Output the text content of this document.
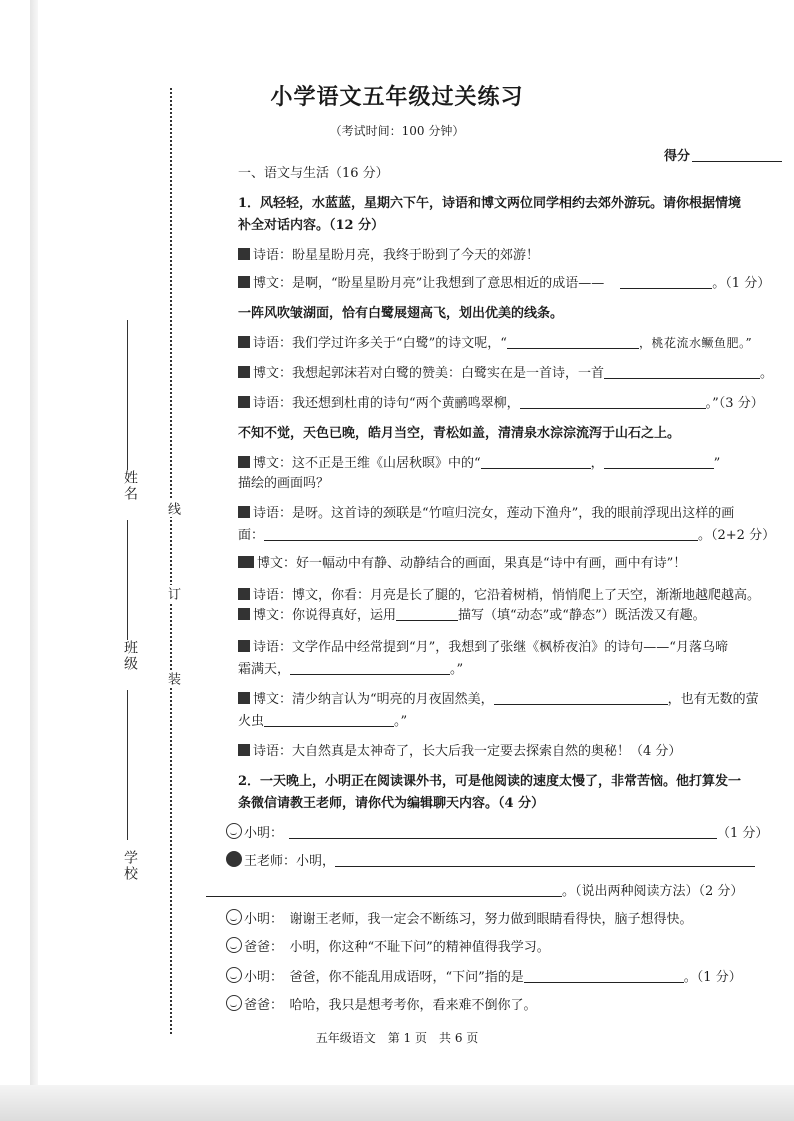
姓名
班级
学校
线
订
装
小学语文五年级过关练习
（考试时间：100 分钟）
得分
一、语文与生活（16 分）
1．风轻轻，水蓝蓝，星期六下午，诗语和博文两位同学相约去郊外游玩。请你根据情境
补全对话内容。（12 分）
诗语：盼星星盼月亮，我终于盼到了今天的郊游！
博文：是啊，“盼星星盼月亮”让我想到了意思相近的成语——	。（1 分）
一阵风吹皱湖面，恰有白鹭展翅高飞，划出优美的线条。
诗语：我们学过许多关于“白鹭”的诗文呢，“	，桃花流水鳜鱼肥。”
博文：我想起郭沫若对白鹭的赞美：白鹭实在是一首诗，一首	。
诗语：我还想到杜甫的诗句“两个黄鹂鸣翠柳，	。”（3 分）
不知不觉，天色已晚，皓月当空，青松如盖，清清泉水淙淙流泻于山石之上。
博文：这不正是王维《山居秋暝》中的“	，	”
描绘的画面吗？
诗语：是呀。这首诗的颈联是“竹喧归浣女，莲动下渔舟”，我的眼前浮现出这样的画
面：	。（2+2 分）
博文：好一幅动中有静、动静结合的画面，果真是“诗中有画，画中有诗”！
诗语：博文，你看：月亮是长了腿的，它沿着树梢，悄悄爬上了天空，渐渐地越爬越高。
博文：你说得真好，运用	描写（填“动态”或“静态”）既活泼又有趣。
诗语：文学作品中经常提到“月”，我想到了张继《枫桥夜泊》的诗句——“月落乌啼
霜满天，	。”
博文：清少纳言认为“明亮的月夜固然美，	，也有无数的萤
火虫	。”
诗语：大自然真是太神奇了，长大后我一定要去探索自然的奥秘！（4 分）
2．一天晚上，小明正在阅读课外书，可是他阅读的速度太慢了，非常苦恼。他打算发一
条微信请教王老师，请你代为编辑聊天内容。（4 分）
小明：	（1 分）
王老师：小明，
。（说出两种阅读方法）（2 分）
小明：　谢谢王老师，我一定会不断练习，努力做到眼睛看得快，脑子想得快。
爸爸：　小明，你这种“不耻下问”的精神值得我学习。
小明：　爸爸，你不能乱用成语呀，“下问”指的是	。（1 分）
爸爸：　哈哈，我只是想考考你，看来难不倒你了。
五年级语文　第 1 页　共 6 页
